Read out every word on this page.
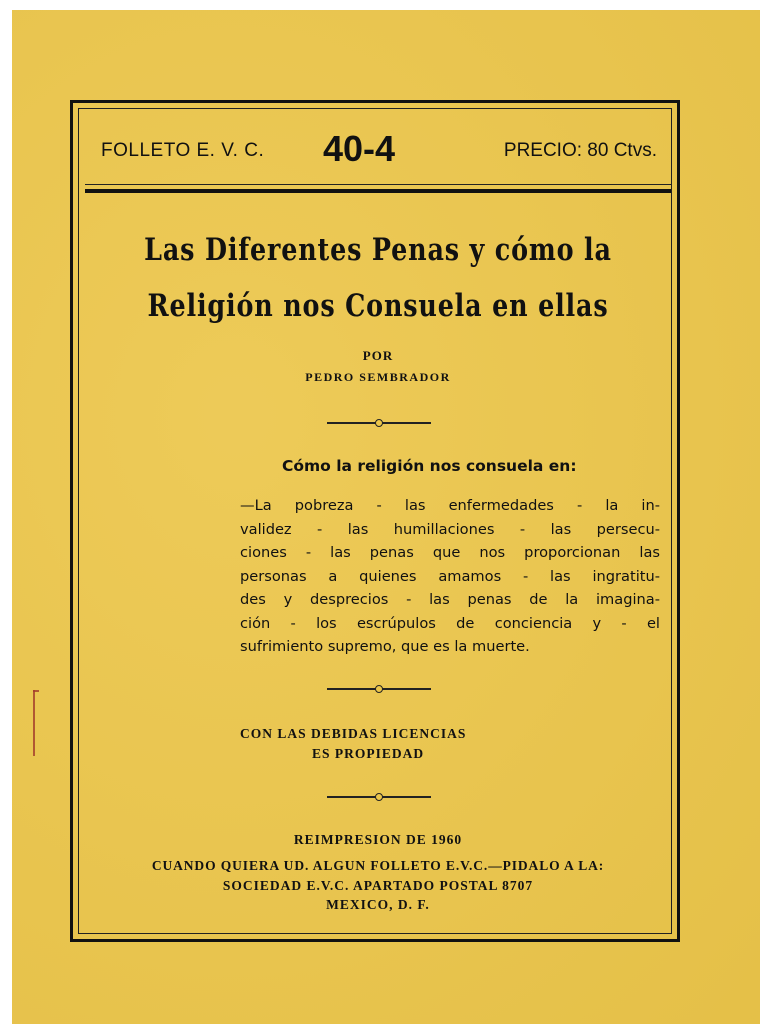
FOLLETO E. V. C. 40-4	PRECIO: 80 Ctvs.
Las Diferentes Penas y cómo la
Religión nos Consuela en ellas
POR
PEDRO SEMBRADOR
Cómo la religión nos consuela en:
—La pobreza - las enfermedades - la in-
validez - las humillaciones - las persecu-
ciones - las penas que nos proporcionan las
personas a quienes amamos - las ingratitu-
des y desprecios - las penas de la imagina-
ción - los escrúpulos de conciencia y - el
sufrimiento supremo, que es la muerte.
CON LAS DEBIDAS LICENCIAS
ES PROPIEDAD
REIMPRESION DE 1960
CUANDO QUIERA UD. ALGUN FOLLETO E.V.C.—PIDALO A LA:
SOCIEDAD E.V.C. APARTADO POSTAL 8707
MEXICO, D. F.
